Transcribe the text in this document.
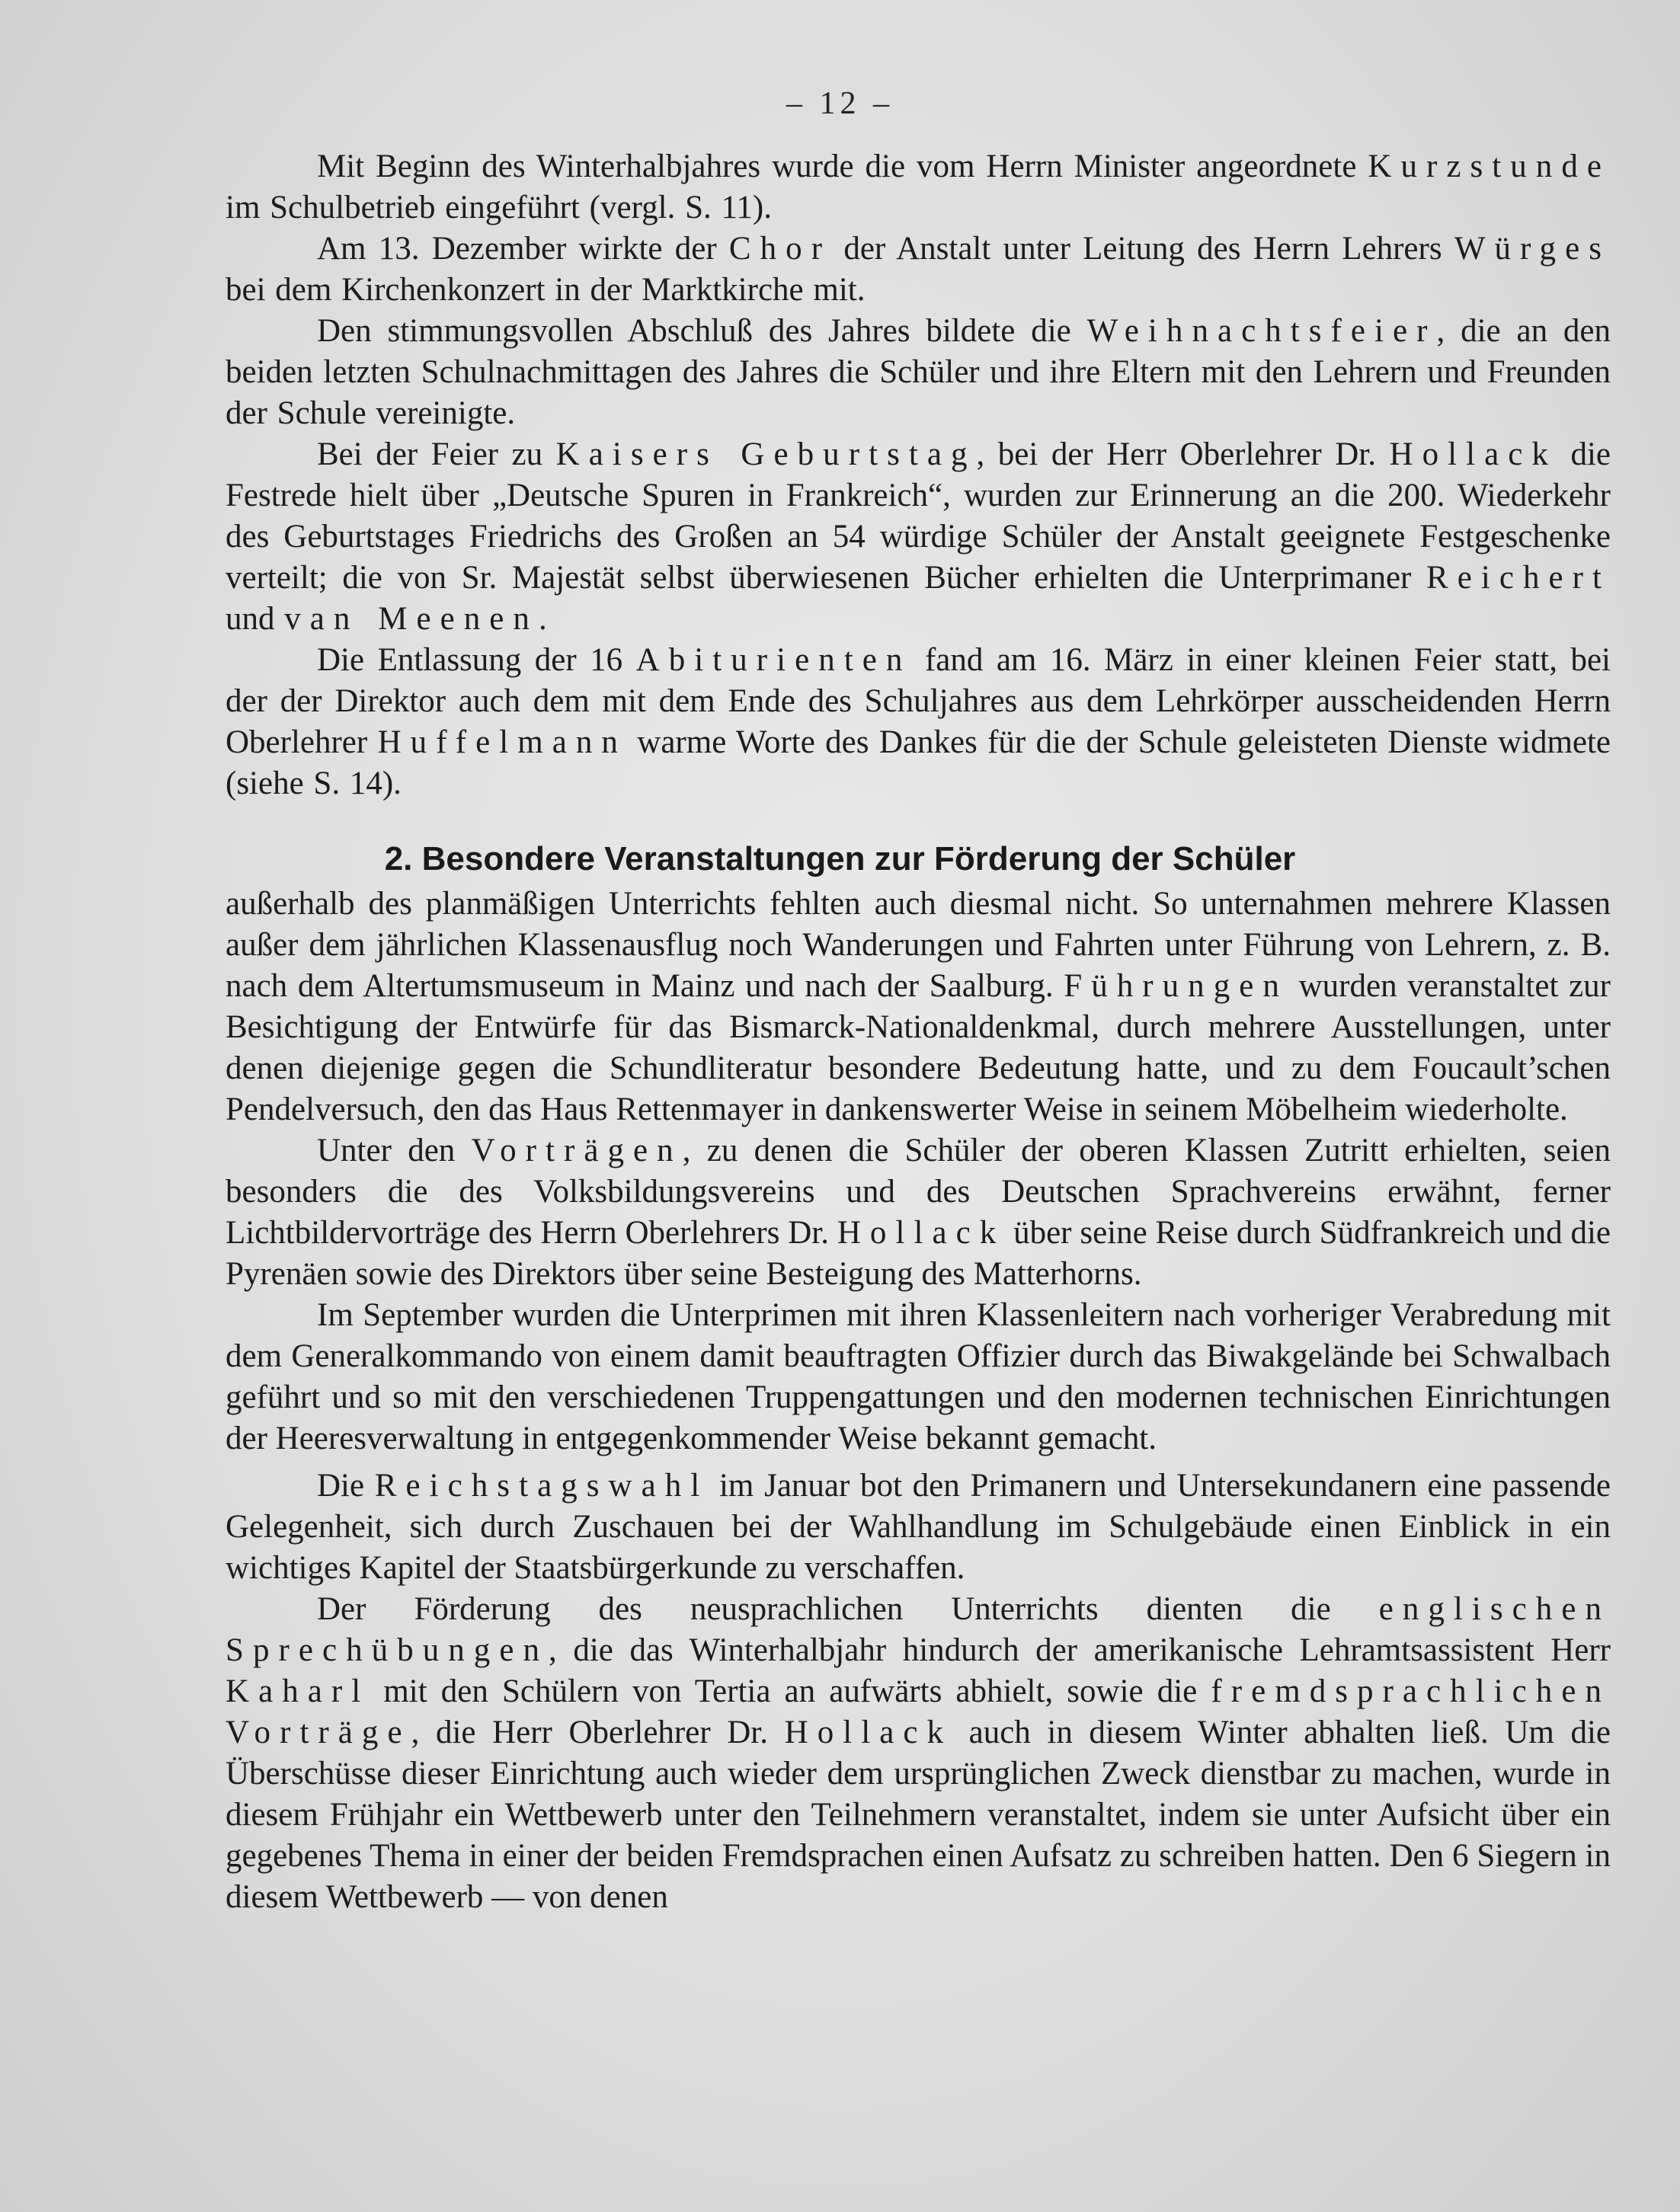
– 12 –

Mit Beginn des Winterhalbjahres wurde die vom Herrn Minister angeordnete Kurzstunde im Schulbetrieb eingeführt (vergl. S. 11).

Am 13. Dezember wirkte der Chor der Anstalt unter Leitung des Herrn Lehrers Würges bei dem Kirchenkonzert in der Marktkirche mit.

Den stimmungsvollen Abschluß des Jahres bildete die Weihnachtsfeier, die an den beiden letzten Schulnachmittagen des Jahres die Schüler und ihre Eltern mit den Lehrern und Freunden der Schule vereinigte.

Bei der Feier zu Kaisers Geburtstag, bei der Herr Oberlehrer Dr. Hollack die Festrede hielt über „Deutsche Spuren in Frankreich“, wurden zur Erinnerung an die 200. Wiederkehr des Geburtstages Friedrichs des Großen an 54 würdige Schüler der Anstalt geeignete Festgeschenke verteilt; die von Sr. Majestät selbst überwiesenen Bücher erhielten die Unterprimaner Reichert und van Meenen.

Die Entlassung der 16 Abiturienten fand am 16. März in einer kleinen Feier statt, bei der der Direktor auch dem mit dem Ende des Schuljahres aus dem Lehrkörper ausscheidenden Herrn Oberlehrer Huffelmann warme Worte des Dankes für die der Schule geleisteten Dienste widmete (siehe S. 14).

2. Besondere Veranstaltungen zur Förderung der Schüler

außerhalb des planmäßigen Unterrichts fehlten auch diesmal nicht. So unternahmen mehrere Klassen außer dem jährlichen Klassenausflug noch Wanderungen und Fahrten unter Führung von Lehrern, z. B. nach dem Altertumsmuseum in Mainz und nach der Saalburg. Führungen wurden veranstaltet zur Besichtigung der Entwürfe für das Bismarck-Nationaldenkmal, durch mehrere Ausstellungen, unter denen diejenige gegen die Schundliteratur besondere Bedeutung hatte, und zu dem Foucault’schen Pendelversuch, den das Haus Rettenmayer in dankenswerter Weise in seinem Möbelheim wiederholte.

Unter den Vorträgen, zu denen die Schüler der oberen Klassen Zutritt erhielten, seien besonders die des Volksbildungsvereins und des Deutschen Sprachvereins erwähnt, ferner Lichtbildervorträge des Herrn Oberlehrers Dr. Hollack über seine Reise durch Südfrankreich und die Pyrenäen sowie des Direktors über seine Besteigung des Matterhorns.

Im September wurden die Unterprimen mit ihren Klassenleitern nach vorheriger Verabredung mit dem Generalkommando von einem damit beauftragten Offizier durch das Biwakgelände bei Schwalbach geführt und so mit den verschiedenen Truppengattungen und den modernen technischen Einrichtungen der Heeresverwaltung in entgegenkommender Weise bekannt gemacht.

Die Reichstagswahl im Januar bot den Primanern und Untersekundanern eine passende Gelegenheit, sich durch Zuschauen bei der Wahlhandlung im Schulgebäude einen Einblick in ein wichtiges Kapitel der Staatsbürgerkunde zu verschaffen.

Der Förderung des neusprachlichen Unterrichts dienten die englischen Sprechübungen, die das Winterhalbjahr hindurch der amerikanische Lehramtsassistent Herr Kaharl mit den Schülern von Tertia an aufwärts abhielt, sowie die fremdsprachlichen Vorträge, die Herr Oberlehrer Dr. Hollack auch in diesem Winter abhalten ließ. Um die Überschüsse dieser Einrichtung auch wieder dem ursprünglichen Zweck dienstbar zu machen, wurde in diesem Frühjahr ein Wettbewerb unter den Teilnehmern veranstaltet, indem sie unter Aufsicht über ein gegebenes Thema in einer der beiden Fremdsprachen einen Aufsatz zu schreiben hatten. Den 6 Siegern in diesem Wettbewerb — von denen
